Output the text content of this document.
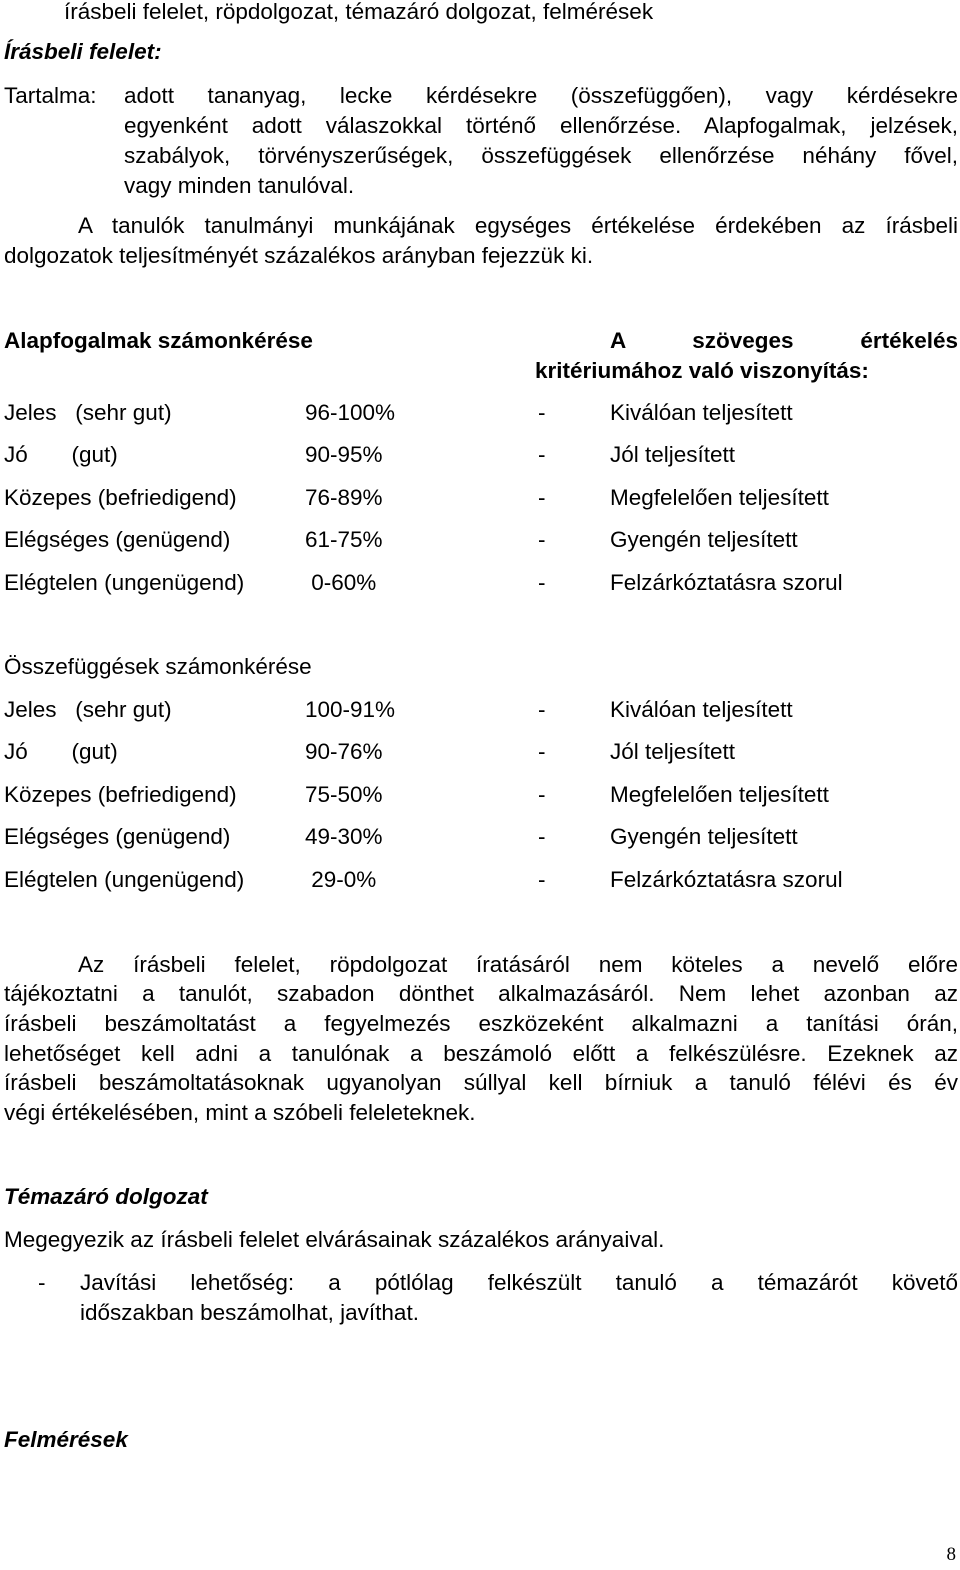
írásbeli felelet, röpdolgozat, témazáró dolgozat, felmérések
Írásbeli felelet:
Tartalma: adott tananyag, lecke kérdésekre (összefüggően), vagy kérdésekre
egyenként adott válaszokkal történő ellenőrzése. Alapfogalmak, jelzések,
szabályok, törvényszerűségek, összefüggések ellenőrzése néhány fővel,
vagy minden tanulóval.
A tanulók tanulmányi munkájának egységes értékelése érdekében az írásbeli
dolgozatok teljesítményét százalékos arányban fejezzük ki.
Alapfogalmak számonkérése	A szöveges értékelés
kritériumához való viszonyítás:
Jeles   (sehr gut)	96-100%	-	Kiválóan teljesített
Jó       (gut)	90-95%	-	Jól teljesített
Közepes (befriedigend)	76-89%	-	Megfelelően teljesített
Elégséges (genügend)	61-75%	-	Gyengén teljesített
Elégtelen (ungenügend)	0-60%	-	Felzárkóztatásra szorul
Összefüggések számonkérése
Jeles   (sehr gut)	100-91%	-	Kiválóan teljesített
Jó       (gut)	90-76%	-	Jól teljesített
Közepes (befriedigend)	75-50%	-	Megfelelően teljesített
Elégséges (genügend)	49-30%	-	Gyengén teljesített
Elégtelen (ungenügend)	29-0%	-	Felzárkóztatásra szorul
Az írásbeli felelet, röpdolgozat íratásáról nem köteles a nevelő előre
tájékoztatni a tanulót, szabadon dönthet alkalmazásáról. Nem lehet azonban az
írásbeli beszámoltatást a fegyelmezés eszközeként alkalmazni a tanítási órán,
lehetőséget kell adni a tanulónak a beszámoló előtt a felkészülésre. Ezeknek az
írásbeli beszámoltatásoknak ugyanolyan súllyal kell bírniuk a tanuló félévi és év
végi értékelésében, mint a szóbeli feleleteknek.
Témazáró dolgozat
Megegyezik az írásbeli felelet elvárásainak százalékos arányaival.
- Javítási lehetőség: a pótlólag felkészült tanuló a témazárót követő
időszakban beszámolhat, javíthat.
Felmérések
8
